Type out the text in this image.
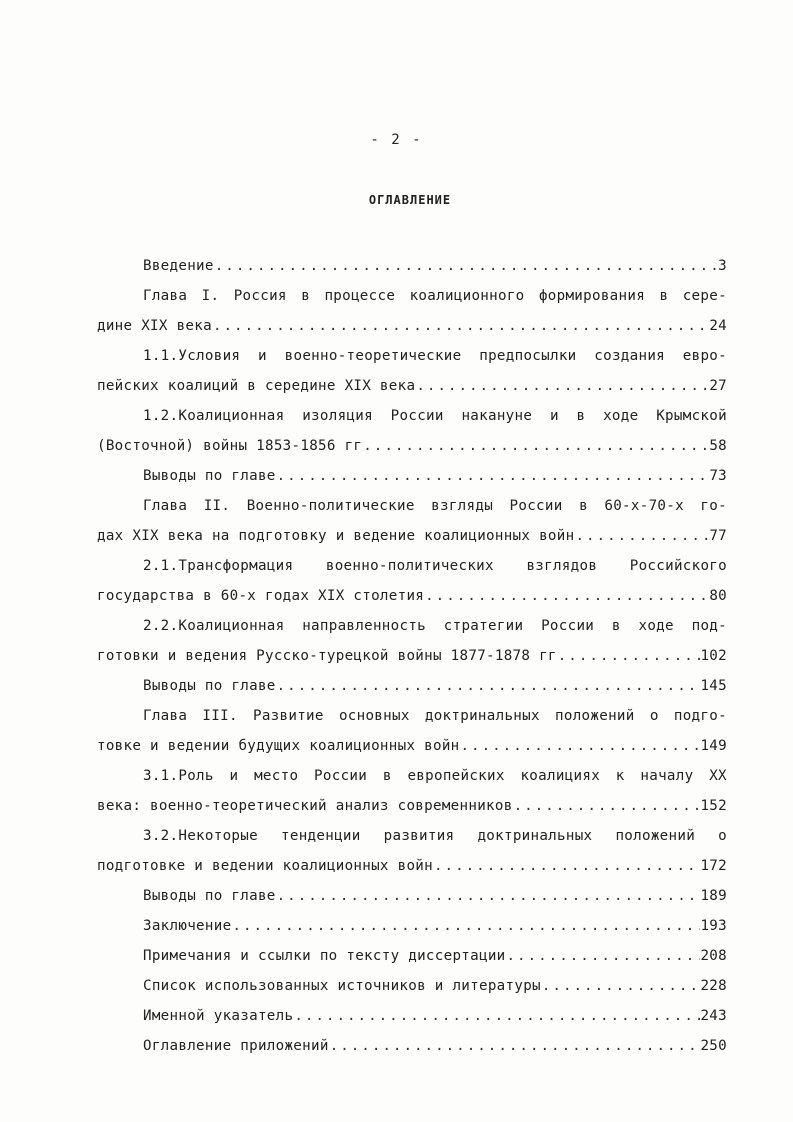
- 2 -
ОГЛАВЛЕНИЕ
Введение .....	3
Глава I. Россия в процессе коалиционного формирования в сере-
дине XIX века .....	24
1.1.Условия и военно-теоретические предпосылки создания евро-
пейских коалиций в середине XIX века .....	27
1.2.Коалиционная изоляция России накануне и в ходе Крымской
(Восточной) войны 1853-1856 гг .....	58
Выводы по главе .....	73
Глава II. Военно-политические взгляды России в 60-х-70-х го-
дах XIX века на подготовку и ведение коалиционных войн .....	77
2.1.Трансформация военно-политических взглядов Российского
государства в 60-х годах XIX столетия .....	80
2.2.Коалиционная направленность стратегии России в ходе под-
готовки и ведения Русско-турецкой войны 1877-1878 гг .....	102
Выводы по главе .....	145
Глава III. Развитие основных доктринальных положений о подго-
товке и ведении будущих коалиционных войн .....	149
3.1.Роль и место России в европейских коалициях к началу XX
века: военно-теоретический анализ современников .....	152
3.2.Некоторые тенденции развития доктринальных положений о
подготовке и ведении коалиционных войн .....	172
Выводы по главе .....	189
Заключение .....	193
Примечания и ссылки по тексту диссертации .....	208
Список использованных источников и литературы .....	228
Именной указатель .....	243
Оглавление приложений .....	250
